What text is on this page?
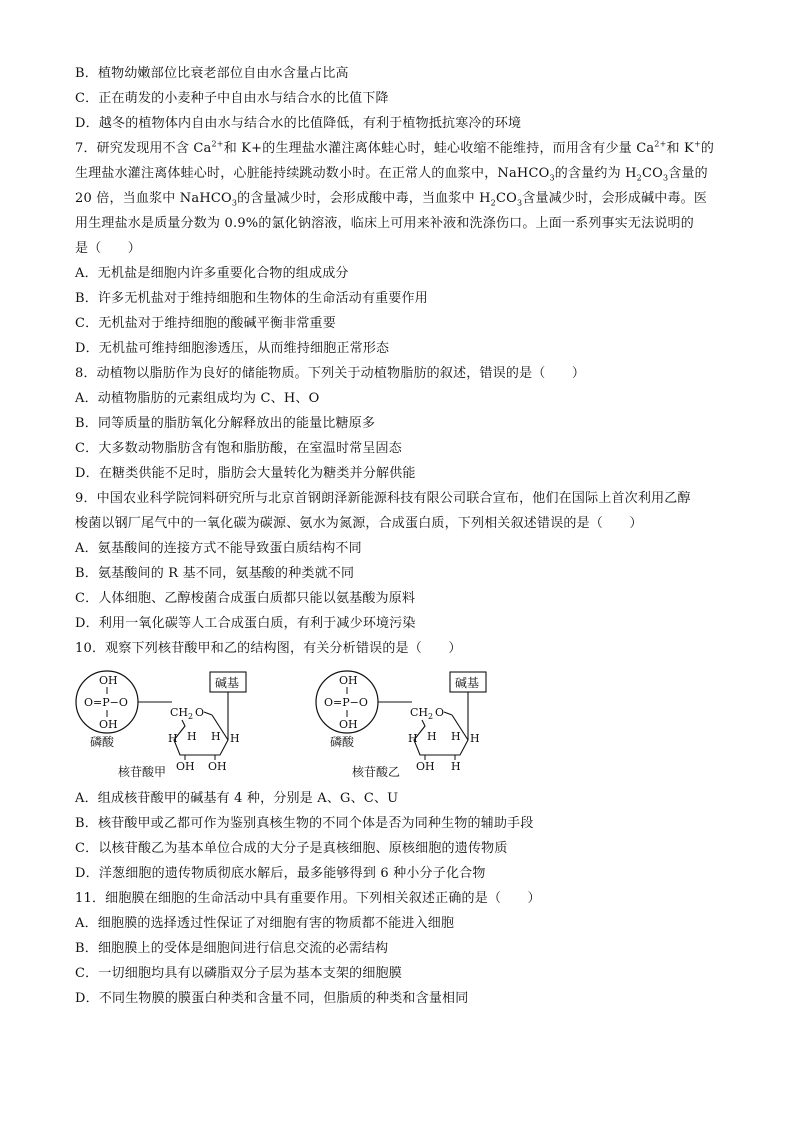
B．植物幼嫩部位比衰老部位自由水含量占比高
C．正在萌发的小麦种子中自由水与结合水的比值下降
D．越冬的植物体内自由水与结合水的比值降低，有利于植物抵抗寒冷的环境
7．研究发现用不含 $Ca^{2+}$和 K+的生理盐水灌注离体蛙心时，蛙心收缩不能维持，而用含有少量 $Ca^{2+}$和 K+的
生理盐水灌注离体蛙心时，心脏能持续跳动数小时。在正常人的血浆中，NaHCO$_3$的含量约为 $H_2CO_3$含量的
20 倍，当血浆中 NaHCO$_3$的含量减少时，会形成酸中毒，当血浆中 $H_2CO_3$含量减少时，会形成碱中毒。医
用生理盐水是质量分数为 0.9%的氯化钠溶液，临床上可用来补液和洗涤伤口。上面一系列事实无法说明的
是（　　）
A．无机盐是细胞内许多重要化合物的组成成分
B．许多无机盐对于维持细胞和生物体的生命活动有重要作用
C．无机盐对于维持细胞的酸碱平衡非常重要
D．无机盐可维持细胞渗透压，从而维持细胞正常形态
8．动植物以脂肪作为良好的储能物质。下列关于动植物脂肪的叙述，错误的是（　　）
A．动植物脂肪的元素组成均为 C、H、O
B．同等质量的脂肪氧化分解释放出的能量比糖原多
C．大多数动物脂肪含有饱和脂肪酸，在室温时常呈固态
D．在糖类供能不足时，脂肪会大量转化为糖类并分解供能
9．中国农业科学院饲料研究所与北京首钢朗泽新能源科技有限公司联合宣布，他们在国际上首次利用乙醇
梭菌以钢厂尾气中的一氧化碳为碳源、氨水为氮源，合成蛋白质，下列相关叙述错误的是（　　）
A．氨基酸间的连接方式不能导致蛋白质结构不同
B．氨基酸间的 R 基不同，氨基酸的种类就不同
C．人体细胞、乙醇梭菌合成蛋白质都只能以氨基酸为原料
D．利用一氧化碳等人工合成蛋白质，有利于减少环境污染
10．观察下列核苷酸甲和乙的结构图，有关分析错误的是（　　）
OH
O=P−O
OH
磷酸
$CH_2$ O
碱基
H H H H
OH OH
核苷酸甲
OH
O=P−O
OH
磷酸
$CH_2$ O
碱基
H H H H
OH H
核苷酸乙
A．组成核苷酸甲的碱基有 4 种，分别是 A、G、C、U
B．核苷酸甲或乙都可作为鉴别真核生物的不同个体是否为同种生物的辅助手段
C．以核苷酸乙为基本单位合成的大分子是真核细胞、原核细胞的遗传物质
D．洋葱细胞的遗传物质彻底水解后，最多能够得到 6 种小分子化合物
11．细胞膜在细胞的生命活动中具有重要作用。下列相关叙述正确的是（　　）
A．细胞膜的选择透过性保证了对细胞有害的物质都不能进入细胞
B．细胞膜上的受体是细胞间进行信息交流的必需结构
C．一切细胞均具有以磷脂双分子层为基本支架的细胞膜
D．不同生物膜的膜蛋白种类和含量不同，但脂质的种类和含量相同
